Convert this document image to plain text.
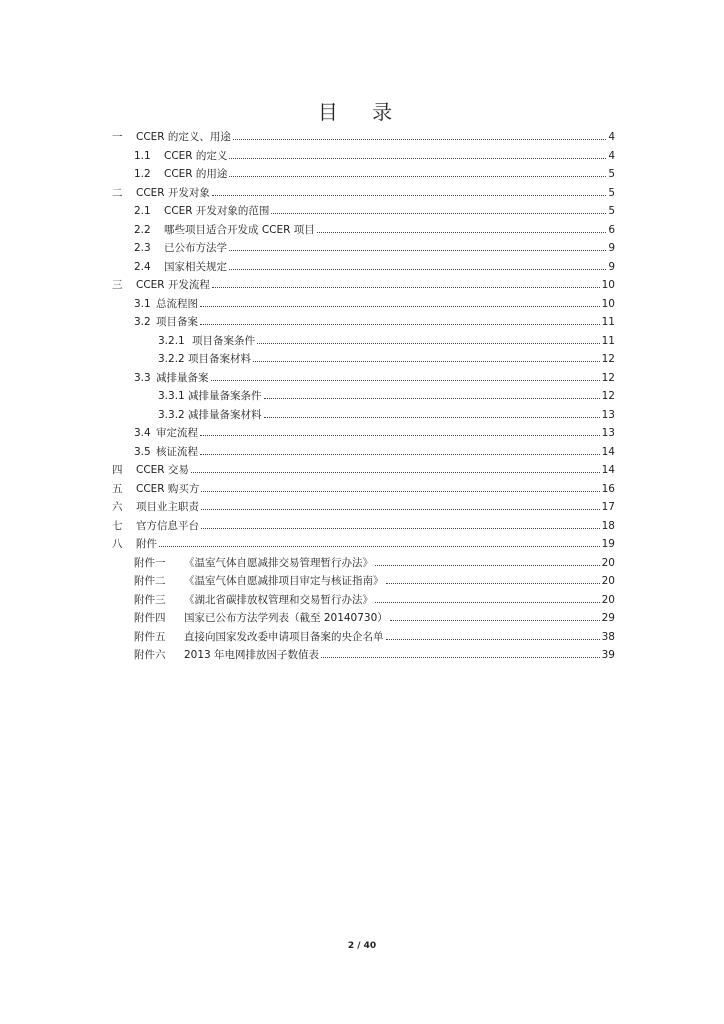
目 录
一	CCER 的定义、用途	4
1.1	CCER 的定义	4
1.2	CCER 的用途	5
二	CCER 开发对象	5
2.1	CCER 开发对象的范围	5
2.2	哪些项目适合开发成 CCER 项目	6
2.3	已公布方法学	9
2.4	国家相关规定	9
三	CCER 开发流程	10
3.1 总流程图	10
3.2 项目备案	11
3.2.1 项目备案条件	11
3.2.2 项目备案材料	12
3.3 减排量备案	12
3.3.1 减排量备案条件	12
3.3.2 减排量备案材料	13
3.4 审定流程	13
3.5 核证流程	14
四	CCER 交易	14
五	CCER 购买方	16
六	项目业主职责	17
七	官方信息平台	18
八	附件	19
附件一	《温室气体自愿减排交易管理暂行办法》	20
附件二	《温室气体自愿减排项目审定与核证指南》	20
附件三	《湖北省碳排放权管理和交易暂行办法》	20
附件四	国家已公布方法学列表（截至 20140730）	29
附件五	直接向国家发改委申请项目备案的央企名单	38
附件六	2013 年电网排放因子数值表	39
2 / 40
